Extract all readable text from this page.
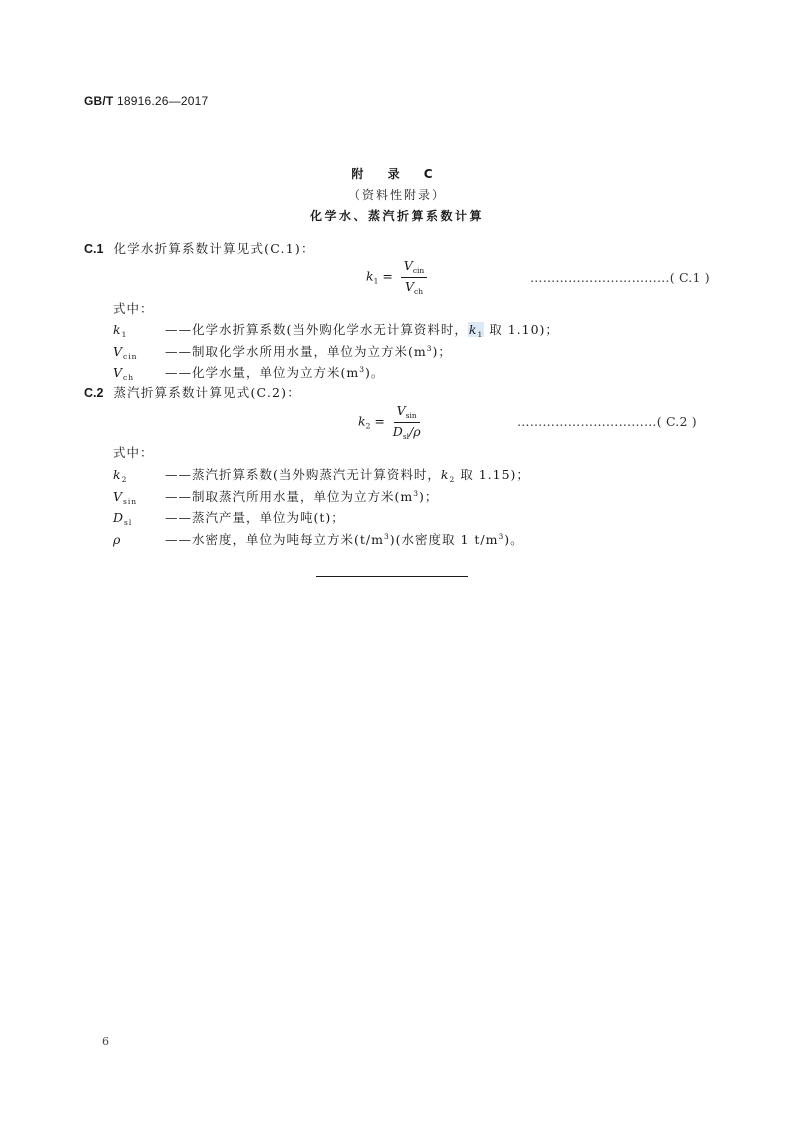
GB/T 18916.26—2017
附 录 C
（资料性附录）
化学水、蒸汽折算系数计算
C.1 化学水折算系数计算见式(C.1)：
$k_1 = \frac{V_{cin}}{V_{ch}}$	……………………………( C.1 )
式中：
$k_1$	——化学水折算系数(当外购化学水无计算资料时，$k_1$ 取 1.10)；
$V_{cin}$ ——制取化学水所用水量，单位为立方米$(m^3)$；
$V_{ch}$ ——化学水量，单位为立方米$(m^3)$。
C.2 蒸汽折算系数计算见式(C.2)：
$k_2 = \frac{V_{sin}}{D_{sl}/\rho}$	……………………………( C.2 )
式中：
$k_2$	——蒸汽折算系数(当外购蒸汽无计算资料时，$k_2$ 取 1.15)；
$V_{sin}$ ——制取蒸汽所用水量，单位为立方米$(m^3)$；
$D_{sl}$	——蒸汽产量，单位为吨(t)；
ρ	——水密度，单位为吨每立方米$(t/m^3)$(水密度取 1 $t/m^3$)。
6
